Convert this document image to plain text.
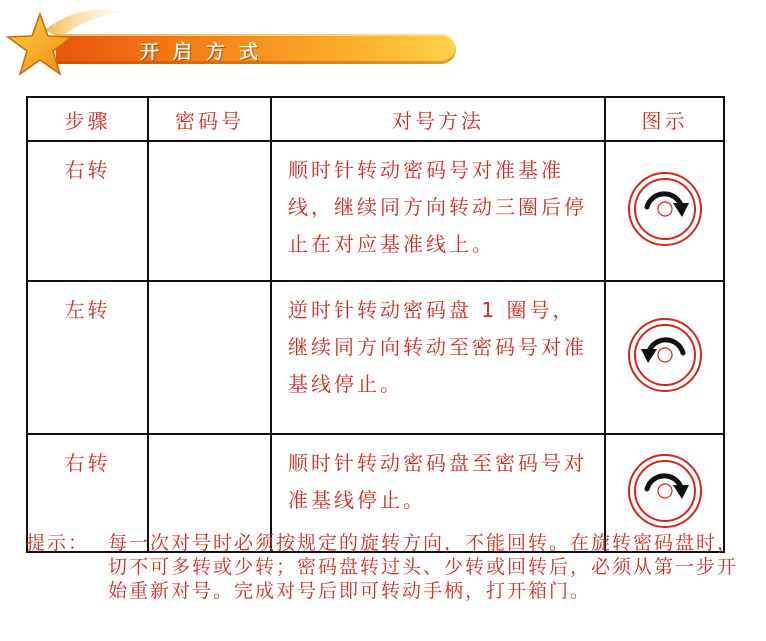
开启方式
步骤	密码号	对号方法	图示
右转		顺时针转动密码号对准基准线，继续同方向转动三圈后停止在对应基准线上。	
左转		逆时针转动密码盘 1 圈号，继续同方向转动至密码号对准基线停止。	
右转		顺时针转动密码盘至密码号对准基线停止。	
提示： 每一次对号时必须按规定的旋转方向，不能回转。在旋转密码盘时，切不可多转或少转；密码盘转过头、少转或回转后，必须从第一步开始重新对号。完成对号后即可转动手柄，打开箱门。
